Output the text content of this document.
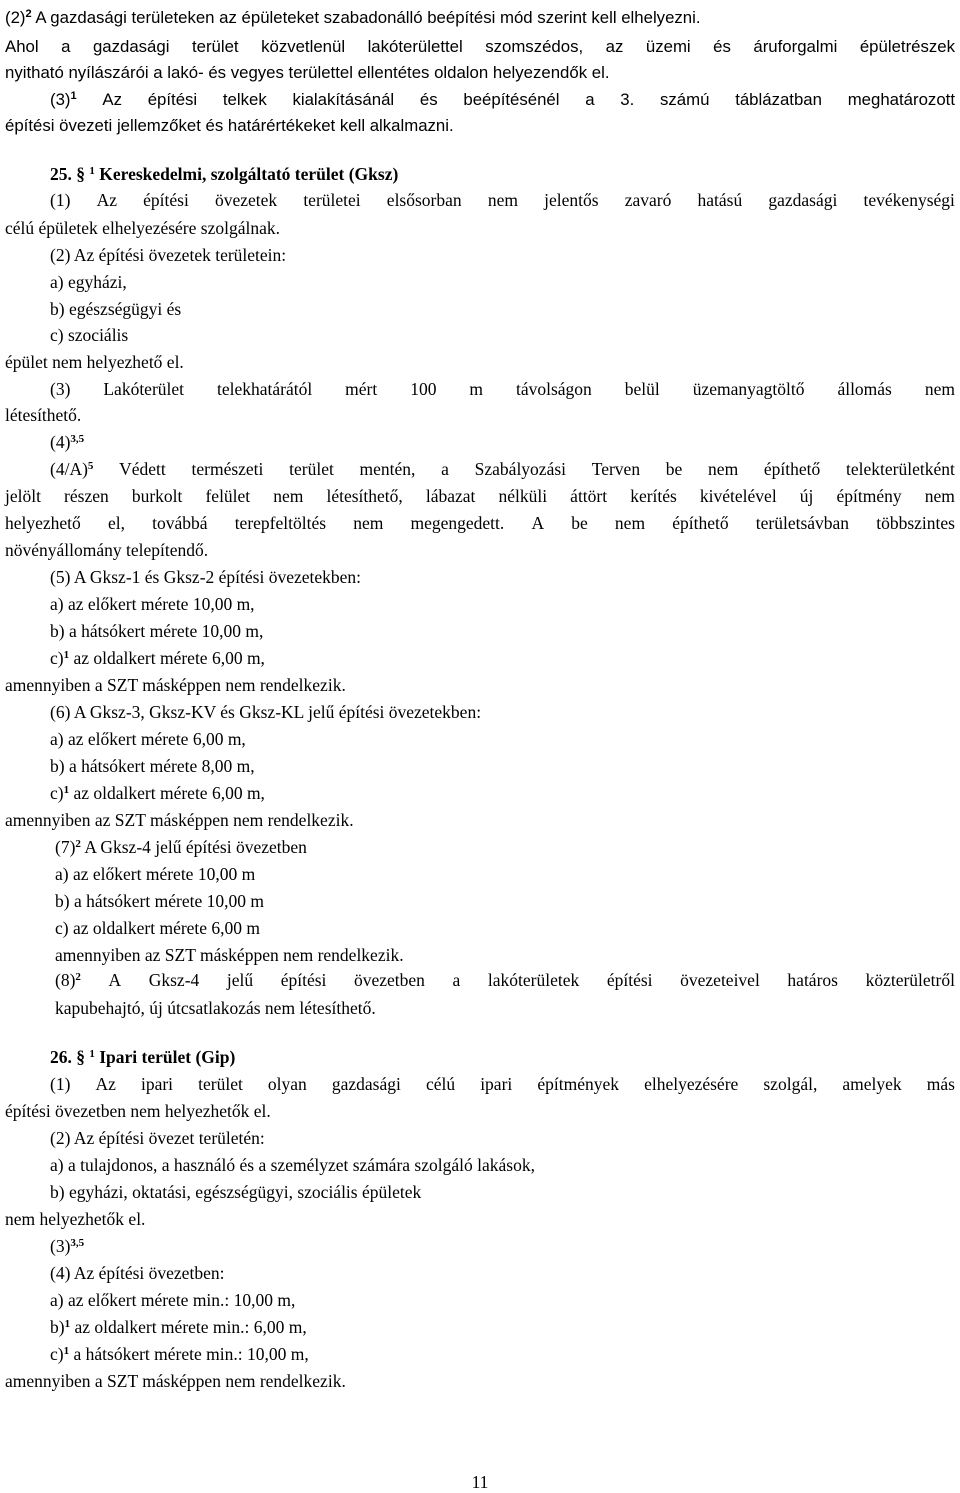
11
$(2)^2$ A gazdasági területeken az épületeket szabadonálló beépítési mód szerint kell elhelyezni.
Ahol a gazdasági terület közvetlenül lakóterülettel szomszédos, az üzemi és áruforgalmi épületrészek
nyitható nyílászárói a lakó- és vegyes területtel ellentétes oldalon helyezendők el.
$(3)^1$ Az építési telkek kialakításánál és beépítésénél a 3. számú táblázatban meghatározott
építési övezeti jellemzőket és határértékeket kell alkalmazni.
25. § $^1$ Kereskedelmi, szolgáltató terület (Gksz)
(1) Az építési övezetek területei elsősorban nem jelentős zavaró hatású gazdasági tevékenységi
célú épületek elhelyezésére szolgálnak.
(2) Az építési övezetek területein:
a) egyházi,
b) egészségügyi és
c) szociális
épület nem helyezhető el.
(3) Lakóterület telekhatárától mért 100 m távolságon belül üzemanyagtöltő állomás nem
létesíthető.
$(4)^{3,5}$
$(4/A)^5$ Védett természeti terület mentén, a Szabályozási Terven be nem építhető telekterületként
jelölt részen burkolt felület nem létesíthető, lábazat nélküli áttört kerítés kivételével új építmény nem
helyezhető el, továbbá terepfeltöltés nem megengedett. A be nem építhető területsávban többszintes
növényállomány telepítendő.
(5) A Gksz-1 és Gksz-2 építési övezetekben:
a) az előkert mérete 10,00 m,
b) a hátsókert mérete 10,00 m,
c)$^1$ az oldalkert mérete 6,00 m,
amennyiben a SZT másképpen nem rendelkezik.
(6) A Gksz-3, Gksz-KV és Gksz-KL jelű építési övezetekben:
a) az előkert mérete 6,00 m,
b) a hátsókert mérete 8,00 m,
c)$^1$ az oldalkert mérete 6,00 m,
amennyiben az SZT másképpen nem rendelkezik.
$(7)^2$ A Gksz-4 jelű építési övezetben
a) az előkert mérete 10,00 m
b) a hátsókert mérete 10,00 m
c) az oldalkert mérete 6,00 m
amennyiben az SZT másképpen nem rendelkezik.
$(8)^2$ A Gksz-4 jelű építési övezetben a lakóterületek építési övezeteivel határos közterületről
kapubehajtó, új útcsatlakozás nem létesíthető.
26. § $^1$ Ipari terület (Gip)
(1) Az ipari terület olyan gazdasági célú ipari építmények elhelyezésére szolgál, amelyek más
építési övezetben nem helyezhetők el.
(2) Az építési övezet területén:
a) a tulajdonos, a használó és a személyzet számára szolgáló lakások,
b) egyházi, oktatási, egészségügyi, szociális épületek
nem helyezhetők el.
$(3)^{3,5}$
(4) Az építési övezetben:
a) az előkert mérete min.: 10,00 m,
b)$^1$ az oldalkert mérete min.: 6,00 m,
c)$^1$ a hátsókert mérete min.: 10,00 m,
amennyiben a SZT másképpen nem rendelkezik.
